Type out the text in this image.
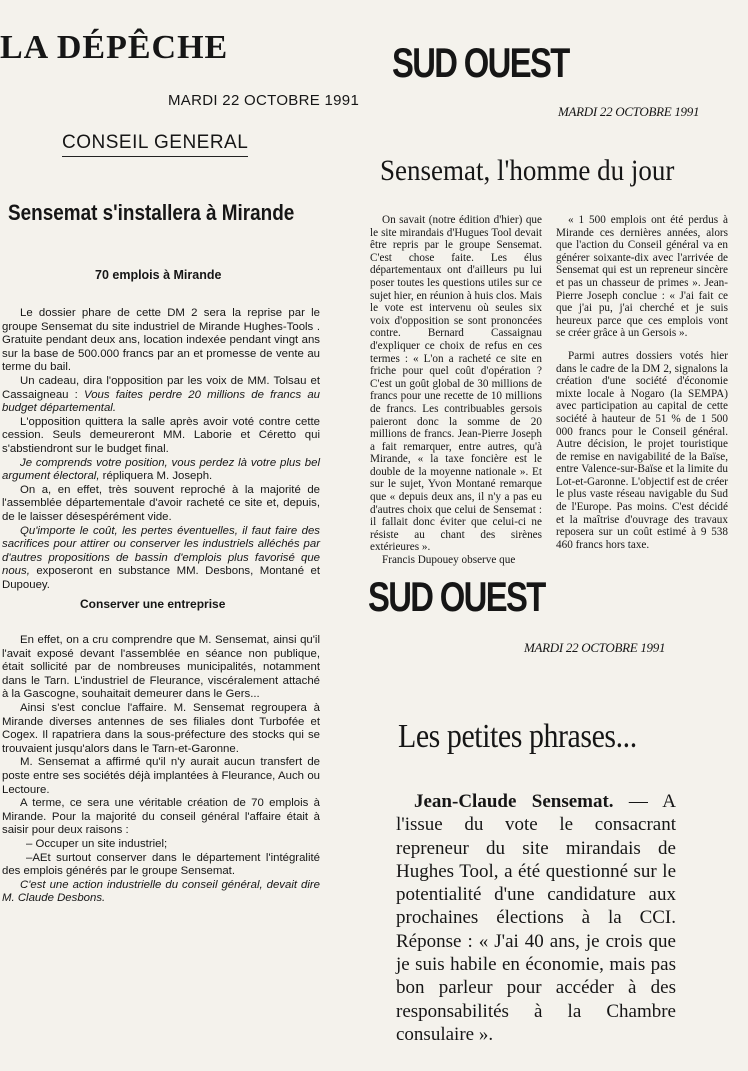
LA DÉPÊCHE
MARDI 22 OCTOBRE 1991
CONSEIL GENERAL
Sensemat s'installera à Mirande
70 emplois à Mirande

Le dossier phare de cette DM 2 sera la reprise par le groupe Sensemat du site industriel de Mirande Hughes-Tools . Gratuite pendant deux ans, location indexée pendant vingt ans sur la base de 500.000 francs par an et promesse de vente au terme du bail.

Un cadeau, dira l'opposition par les voix de MM. Tolsau et Cassaigneau : Vous faites perdre 20 millions de francs au budget départemental.

L'opposition quittera la salle après avoir voté contre cette cession. Seuls demeureront MM. Laborie et Céretto qui s'abstiendront sur le budget final.

Je comprends votre position, vous perdez là votre plus bel argument électoral, répliquera M. Joseph.

On a, en effet, très souvent reproché à la majorité de l'assemblée départementale d'avoir racheté ce site et, depuis, de le laisser désespérément vide.

Qu'importe le coût, les pertes éventuelles, il faut faire des sacrifices pour attirer ou conserver les industriels alléchés par d'autres propositions de bassin d'emplois plus favorisé que nous, exposeront en substance MM. Desbons, Montané et Dupouey.

Conserver une entreprise

En effet, on a cru comprendre que M. Sensemat, ainsi qu'il l'avait exposé devant l'assemblée en séance non publique, était sollicité par de nombreuses municipalités, notamment dans le Tarn. L'industriel de Fleurance, viscéralement attaché à la Gascogne, souhaitait demeurer dans le Gers...

Ainsi s'est conclue l'affaire. M. Sensemat regroupera à Mirande diverses antennes de ses filiales dont Turbofée et Cogex. Il rapatriera dans la sous-préfecture des stocks qui se trouvaient jusqu'alors dans le Tarn-et-Garonne.

M. Sensemat a affirmé qu'il n'y aurait aucun transfert de poste entre ses sociétés déjà implantées à Fleurance, Auch ou Lectoure.

A terme, ce sera une véritable création de 70 emplois à Mirande. Pour la majorité du conseil général l'affaire était à saisir pour deux raisons :

– Occuper un site industriel;

–AEt surtout conserver dans le département l'intégralité des emplois générés par le groupe Sensemat.

C'est une action industrielle du conseil général, devait dire M. Claude Desbons.

SUD OUEST
MARDI 22 OCTOBRE 1991
Sensemat, l'homme du jour

On savait (notre édition d'hier) que le site mirandais d'Hugues Tool devait être repris par le groupe Sensemat. C'est chose faite. Les élus départementaux ont d'ailleurs pu lui poser toutes les questions utiles sur ce sujet hier, en réunion à huis clos. Mais le vote est intervenu où seules six voix d'opposition se sont prononcées contre. Bernard Cassaignau d'expliquer ce choix de refus en ces termes : « L'on a racheté ce site en friche pour quel coût d'opération ? C'est un goût global de 30 millions de francs pour une recette de 10 millions de francs. Les contribuables gersois paieront donc la somme de 20 millions de francs. Jean-Pierre Joseph a fait remarquer, entre autres, qu'à Mirande, « la taxe foncière est le double de la moyenne nationale ». Et sur le sujet, Yvon Montané remarque que « depuis deux ans, il n'y a pas eu d'autres choix que celui de Sensemat : il fallait donc éviter que celui-ci ne résiste au chant des sirènes extérieures ».

Francis Dupouey observe que

« 1 500 emplois ont été perdus à Mirande ces dernières années, alors que l'action du Conseil général va en générer soixante-dix avec l'arrivée de Sensemat qui est un repreneur sincère et pas un chasseur de primes ». Jean-Pierre Joseph conclue : « J'ai fait ce que j'ai pu, j'ai cherché et je suis heureux parce que ces emplois vont se créer grâce à un Gersois ».

Parmi autres dossiers votés hier dans le cadre de la DM 2, signalons la création d'une société d'économie mixte locale à Nogaro (la SEMPA) avec participation au capital de cette société à hauteur de 51 % de 1 500 000 francs pour le Conseil général. Autre décision, le projet touristique de remise en navigabilité de la Baïse, entre Valence-sur-Baïse et la limite du Lot-et-Garonne. L'objectif est de créer le plus vaste réseau navigable du Sud de l'Europe. Pas moins. C'est décidé et la maîtrise d'ouvrage des travaux reposera sur un coût estimé à 9 538 460 francs hors taxe.

SUD OUEST
MARDI 22 OCTOBRE 1991
Les petites phrases...
Jean-Claude Sensemat. — A l'issue du vote le consacrant repreneur du site mirandais de Hughes Tool, a été questionné sur le potentialité d'une candidature aux prochaines élections à la CCI. Réponse : « J'ai 40 ans, je crois que je suis habile en économie, mais pas bon parleur pour accéder à des responsabilités à la Chambre consulaire ».
